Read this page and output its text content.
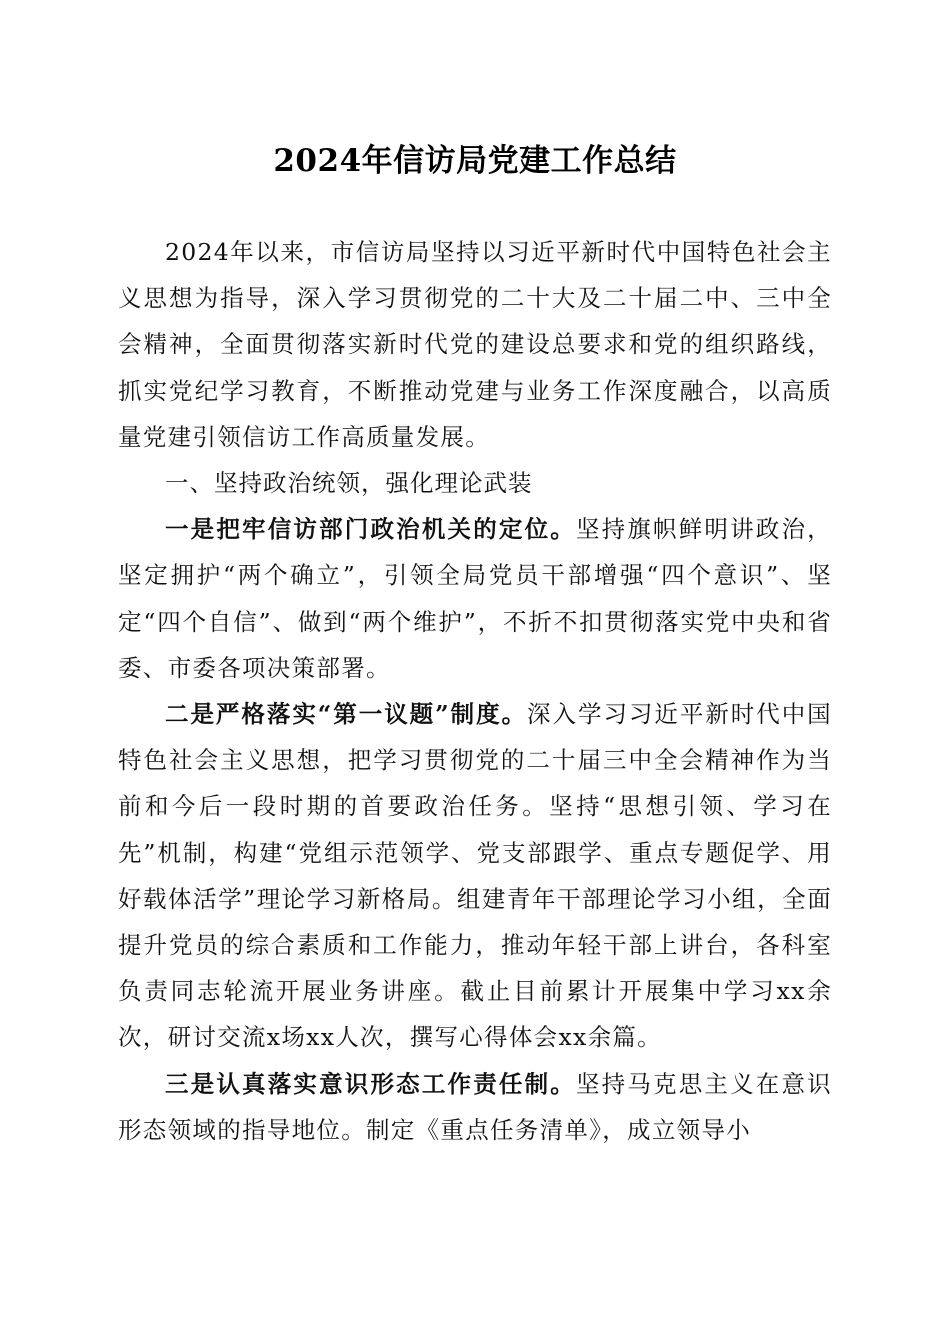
2024年信访局党建工作总结

2024年以来，市信访局坚持以习近平新时代中国特色社会主义思想为指导，深入学习贯彻党的二十大及二十届二中、三中全会精神，全面贯彻落实新时代党的建设总要求和党的组织路线，抓实党纪学习教育，不断推动党建与业务工作深度融合，以高质量党建引领信访工作高质量发展。

一、坚持政治统领，强化理论武装

一是把牢信访部门政治机关的定位。坚持旗帜鲜明讲政治，坚定拥护“两个确立”，引领全局党员干部增强“四个意识”、坚定“四个自信”、做到“两个维护”，不折不扣贯彻落实党中央和省委、市委各项决策部署。

二是严格落实“第一议题”制度。深入学习习近平新时代中国特色社会主义思想，把学习贯彻党的二十届三中全会精神作为当前和今后一段时期的首要政治任务。坚持“思想引领、学习在先”机制，构建“党组示范领学、党支部跟学、重点专题促学、用好载体活学”理论学习新格局。组建青年干部理论学习小组，全面提升党员的综合素质和工作能力，推动年轻干部上讲台，各科室负责同志轮流开展业务讲座。截止目前累计开展集中学习xx余次，研讨交流x场xx人次，撰写心得体会xx余篇。

三是认真落实意识形态工作责任制。坚持马克思主义在意识形态领域的指导地位。制定《重点任务清单》，成立领导小
